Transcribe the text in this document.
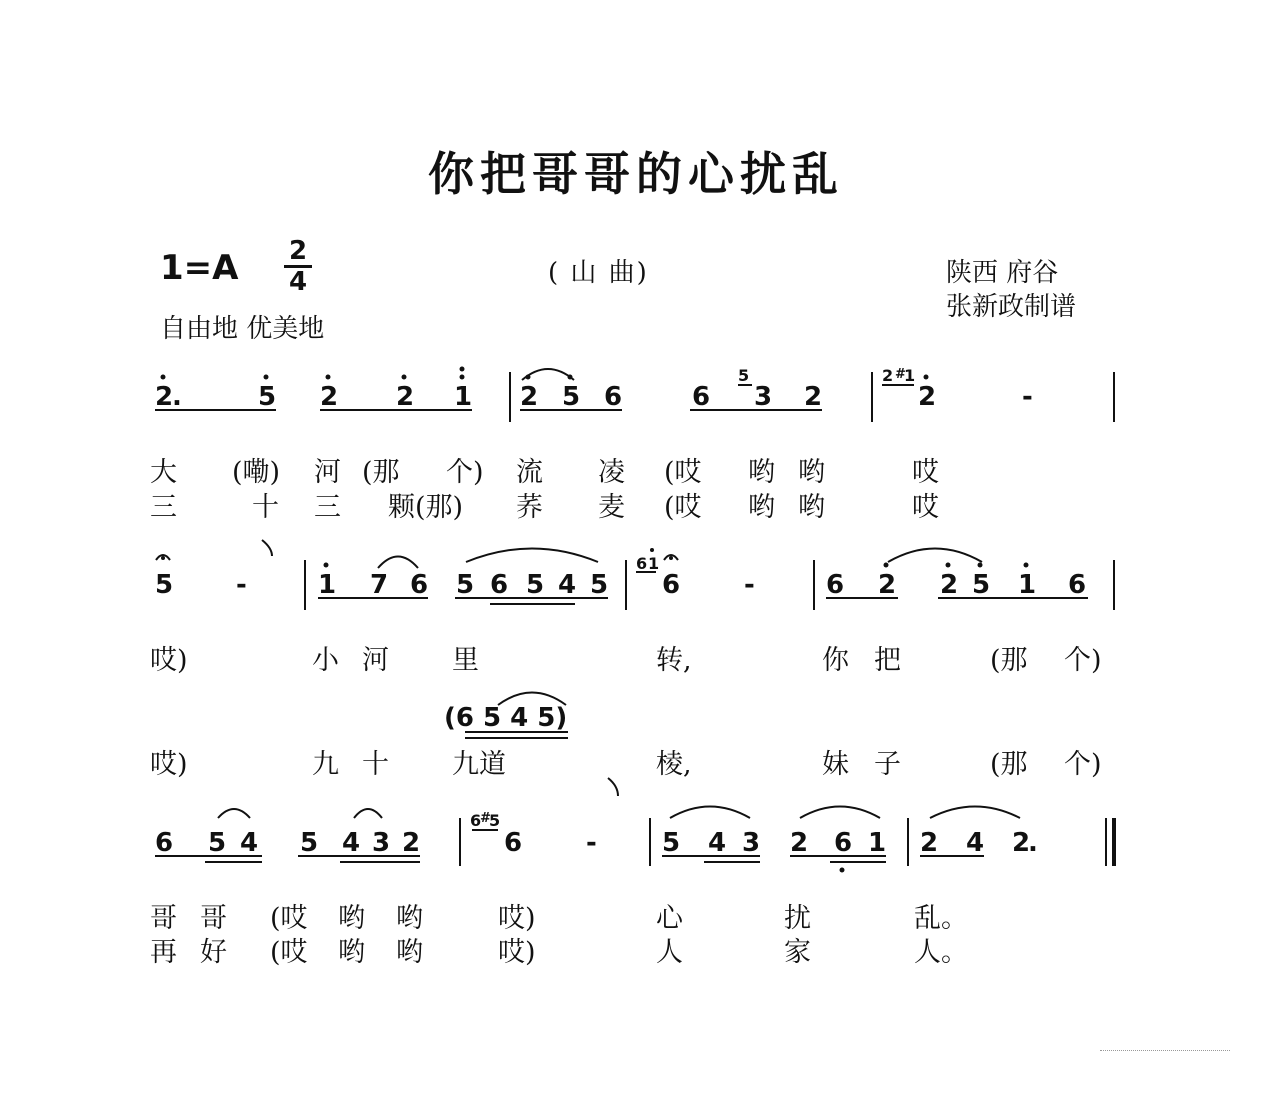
你把哥哥的心扰乱
1=A 2
4	( 山 曲)	陕西 府谷
张新政制谱
自由地 优美地
大 (嘞) 河 (那 个) 流 凌 (哎 哟 哟	哎
三	十 三 颗(那) 荞 麦 (哎 哟 哟	哎
哎)	小 河 里	转,	你 把	(那 个)
哎)	九 十 九道	棱,	妹 子	(那 个)
哥 哥 (哎 哟 哟	哎)	心	扰	乱。
再 好 (哎 哟 哟	哎)	人	家	人。
2
.	5 2 2 1 2 5 6	6
5
3 2
2 #
1
2	-
5 -	1 7 6 5 6 5 4 5
6 1
6 -	6 2 2 5 1 6
(6 5 4 5)
6 5 4 5 4 3 2
6
#
5
6 -	5 4 3 2 6 1 2 4 2
.
